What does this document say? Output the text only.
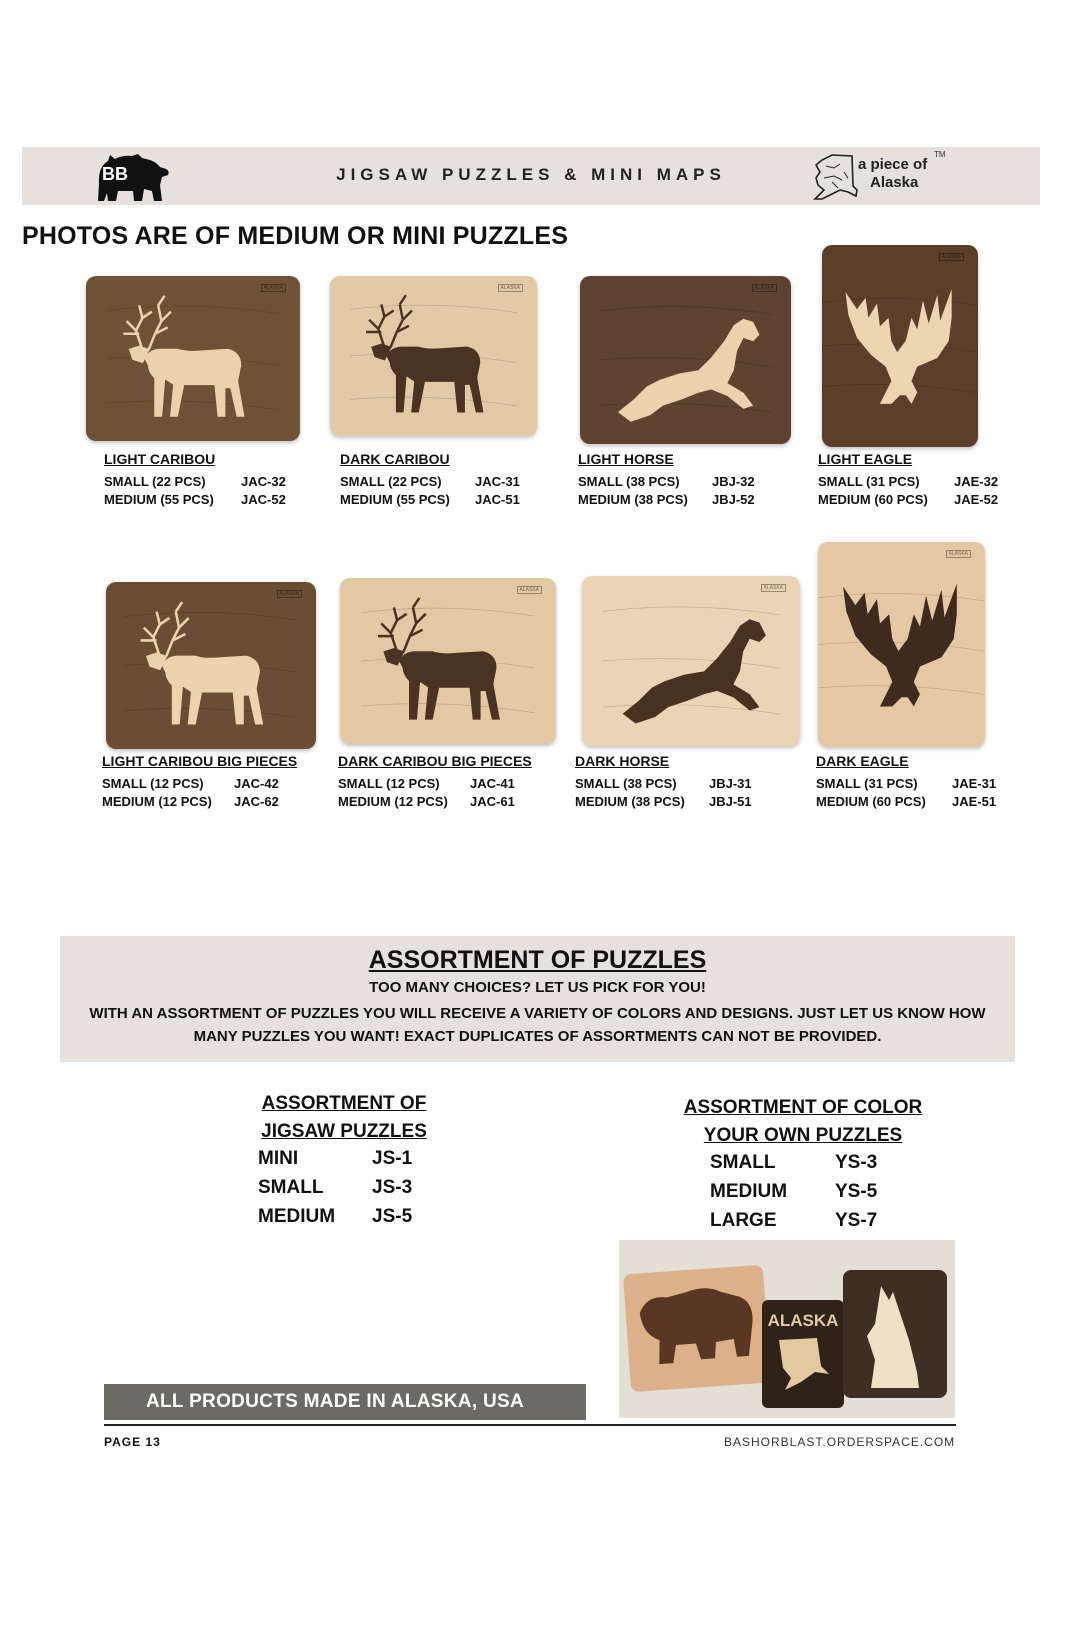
BB	JIGSAW PUZZLES & MINI MAPS
a piece of
Alaska
TM
PHOTOS ARE OF MEDIUM OR MINI PUZZLES
ALASKA
LIGHT CARIBOU
SMALL (22 PCS)	JAC-32
MEDIUM (55 PCS) JAC-52
ALASKA
DARK CARIBOU
SMALL (22 PCS)	JAC-31
MEDIUM (55 PCS) JAC-51
ALASKA
LIGHT HORSE
SMALL (38 PCS) JBJ-32
MEDIUM (38 PCS) JBJ-52
ALASKA
LIGHT EAGLE
SMALL (31 PCS)	JAE-32
MEDIUM (60 PCS) JAE-52
ALASKA
LIGHT CARIBOU BIG PIECES
SMALL (12 PCS) JAC-42
MEDIUM (12 PCS) JAC-62
ALASKA
DARK CARIBOU BIG PIECES
SMALL (12 PCS) JAC-41
MEDIUM (12 PCS) JAC-61
ALASKA
DARK HORSE
SMALL (38 PCS) JBJ-31
MEDIUM (38 PCS) JBJ-51
ALASKA
DARK EAGLE
SMALL (31 PCS)	JAE-31
MEDIUM (60 PCS) JAE-51
ASSORTMENT OF PUZZLES
TOO MANY CHOICES? LET US PICK FOR YOU!
WITH AN ASSORTMENT OF PUZZLES YOU WILL RECEIVE A VARIETY OF COLORS AND DESIGNS. JUST LET US KNOW HOW MANY PUZZLES YOU WANT! EXACT DUPLICATES OF ASSORTMENTS CAN NOT BE PROVIDED.
ASSORTMENT OF
JIGSAW PUZZLES
MINI	JS-1
SMALL	JS-3
MEDIUM JS-5
ASSORTMENT OF COLOR
YOUR OWN PUZZLES
SMALL	YS-3
MEDIUM	YS-5
LARGE	YS-7
ALASKA
ALL PRODUCTS MADE IN ALASKA, USA
PAGE 13	BASHORBLAST.ORDERSPACE.COM
